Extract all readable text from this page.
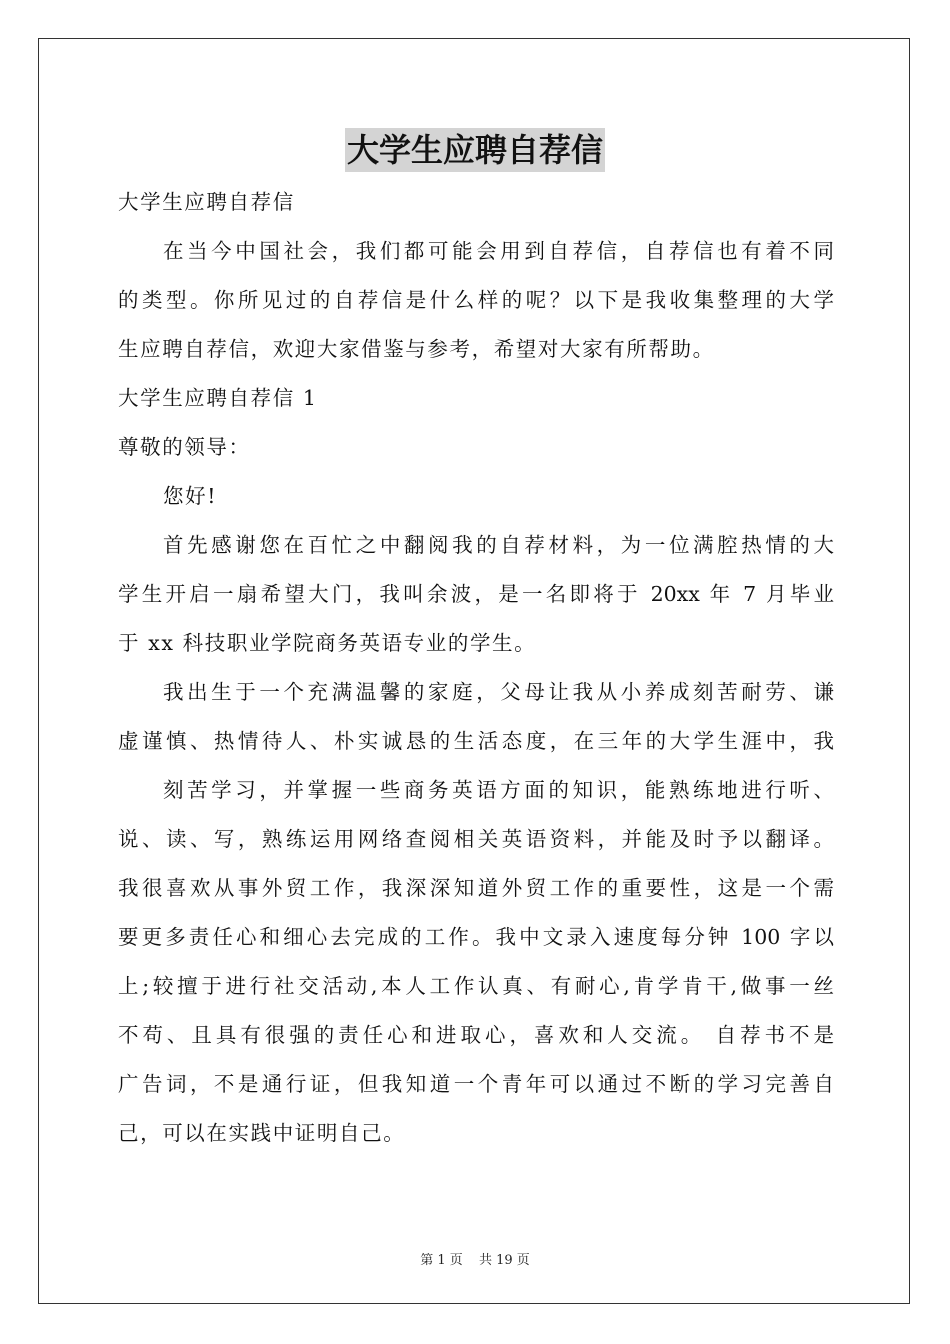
大学生应聘自荐信
大学生应聘自荐信
在当今中国社会，我们都可能会用到自荐信，自荐信也有着不同
的类型。你所见过的自荐信是什么样的呢？以下是我收集整理的大学
生应聘自荐信，欢迎大家借鉴与参考，希望对大家有所帮助。
大学生应聘自荐信 1
尊敬的领导：
您好!
首先感谢您在百忙之中翻阅我的自荐材料，为一位满腔热情的大
学生开启一扇希望大门，我叫余波，是一名即将于 20xx 年 7 月毕业
于 xx 科技职业学院商务英语专业的学生。
我出生于一个充满温馨的家庭，父母让我从小养成刻苦耐劳、谦
虚谨慎、热情待人、朴实诚恳的生活态度，在三年的大学生涯中，我
刻苦学习，并掌握一些商务英语方面的知识，能熟练地进行听、
说、读、写，熟练运用网络查阅相关英语资料，并能及时予以翻译。
我很喜欢从事外贸工作，我深深知道外贸工作的重要性，这是一个需
要更多责任心和细心去完成的工作。我中文录入速度每分钟 100 字以
上;较擅于进行社交活动,本人工作认真、有耐心,肯学肯干,做事一丝
不苟、且具有很强的责任心和进取心，喜欢和人交流。 自荐书不是
广告词，不是通行证，但我知道一个青年可以通过不断的学习完善自
己，可以在实践中证明自己。
第 1 页 共 19 页
